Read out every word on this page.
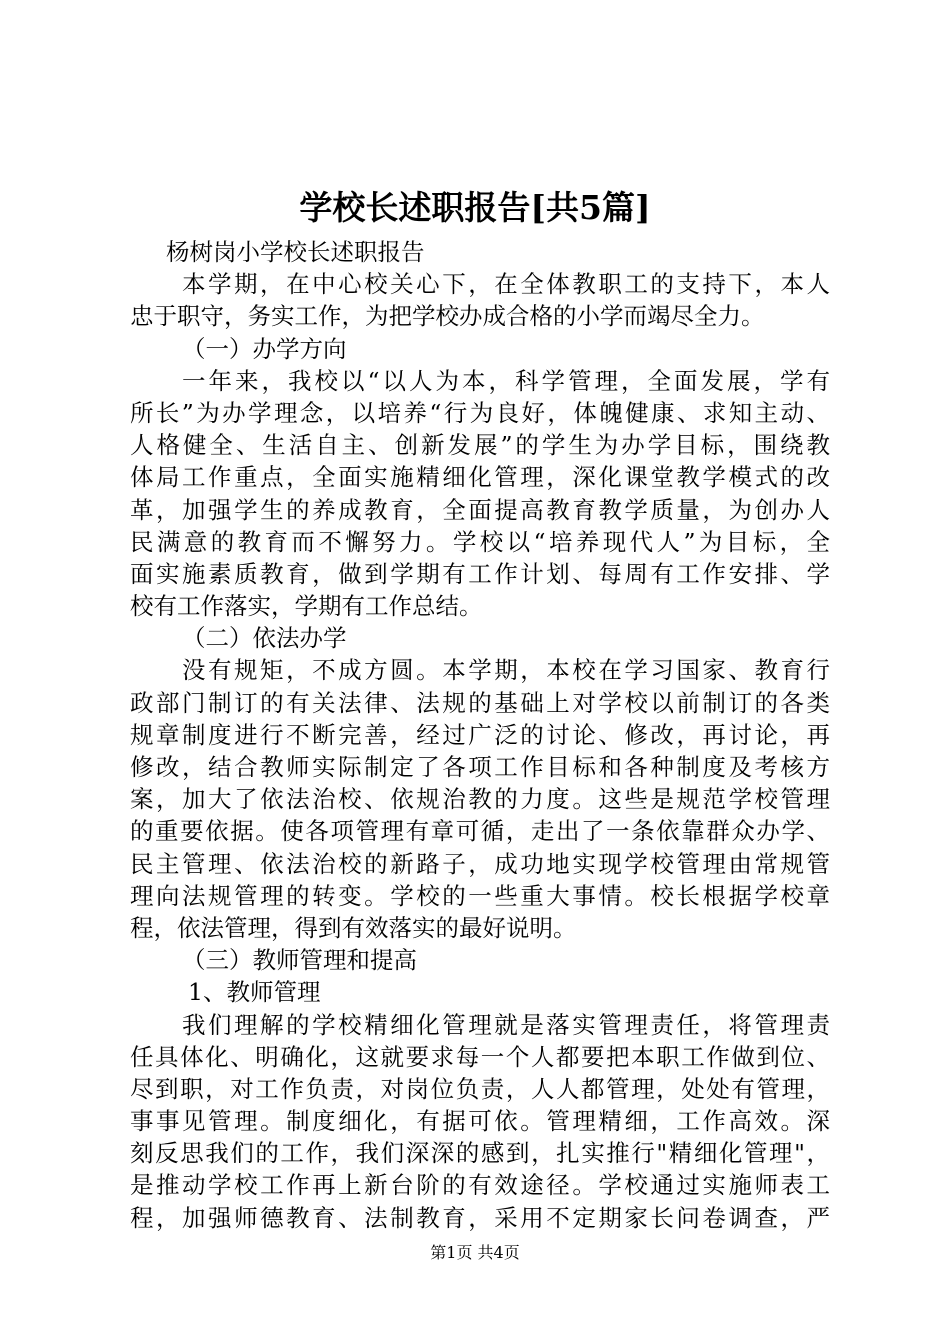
学校长述职报告[共5篇]
杨树岗小学校长述职报告
本学期，在中心校关心下，在全体教职工的支持下，本人
忠于职守，务实工作，为把学校办成合格的小学而竭尽全力。
（一）办学方向
一年来，我校以“以人为本，科学管理，全面发展，学有
所长”为办学理念，以培养“行为良好，体魄健康、求知主动、
人格健全、生活自主、创新发展”的学生为办学目标，围绕教
体局工作重点，全面实施精细化管理，深化课堂教学模式的改
革，加强学生的养成教育，全面提高教育教学质量，为创办人
民满意的教育而不懈努力。学校以“培养现代人”为目标，全
面实施素质教育，做到学期有工作计划、每周有工作安排、学
校有工作落实，学期有工作总结。
（二）依法办学
没有规矩，不成方圆。本学期，本校在学习国家、教育行
政部门制订的有关法律、法规的基础上对学校以前制订的各类
规章制度进行不断完善，经过广泛的讨论、修改，再讨论，再
修改，结合教师实际制定了各项工作目标和各种制度及考核方
案，加大了依法治校、依规治教的力度。这些是规范学校管理
的重要依据。使各项管理有章可循，走出了一条依靠群众办学、
民主管理、依法治校的新路子，成功地实现学校管理由常规管
理向法规管理的转变。学校的一些重大事情。校长根据学校章
程，依法管理，得到有效落实的最好说明。
（三）教师管理和提高
1、教师管理
我们理解的学校精细化管理就是落实管理责任，将管理责
任具体化、明确化，这就要求每一个人都要把本职工作做到位、
尽到职，对工作负责，对岗位负责，人人都管理，处处有管理，
事事见管理。制度细化，有据可依。管理精细，工作高效。深
刻反思我们的工作，我们深深的感到，扎实推行"精细化管理"，
是推动学校工作再上新台阶的有效途径。学校通过实施师表工
程，加强师德教育、法制教育，采用不定期家长问卷调查，严
第1页 共4页
